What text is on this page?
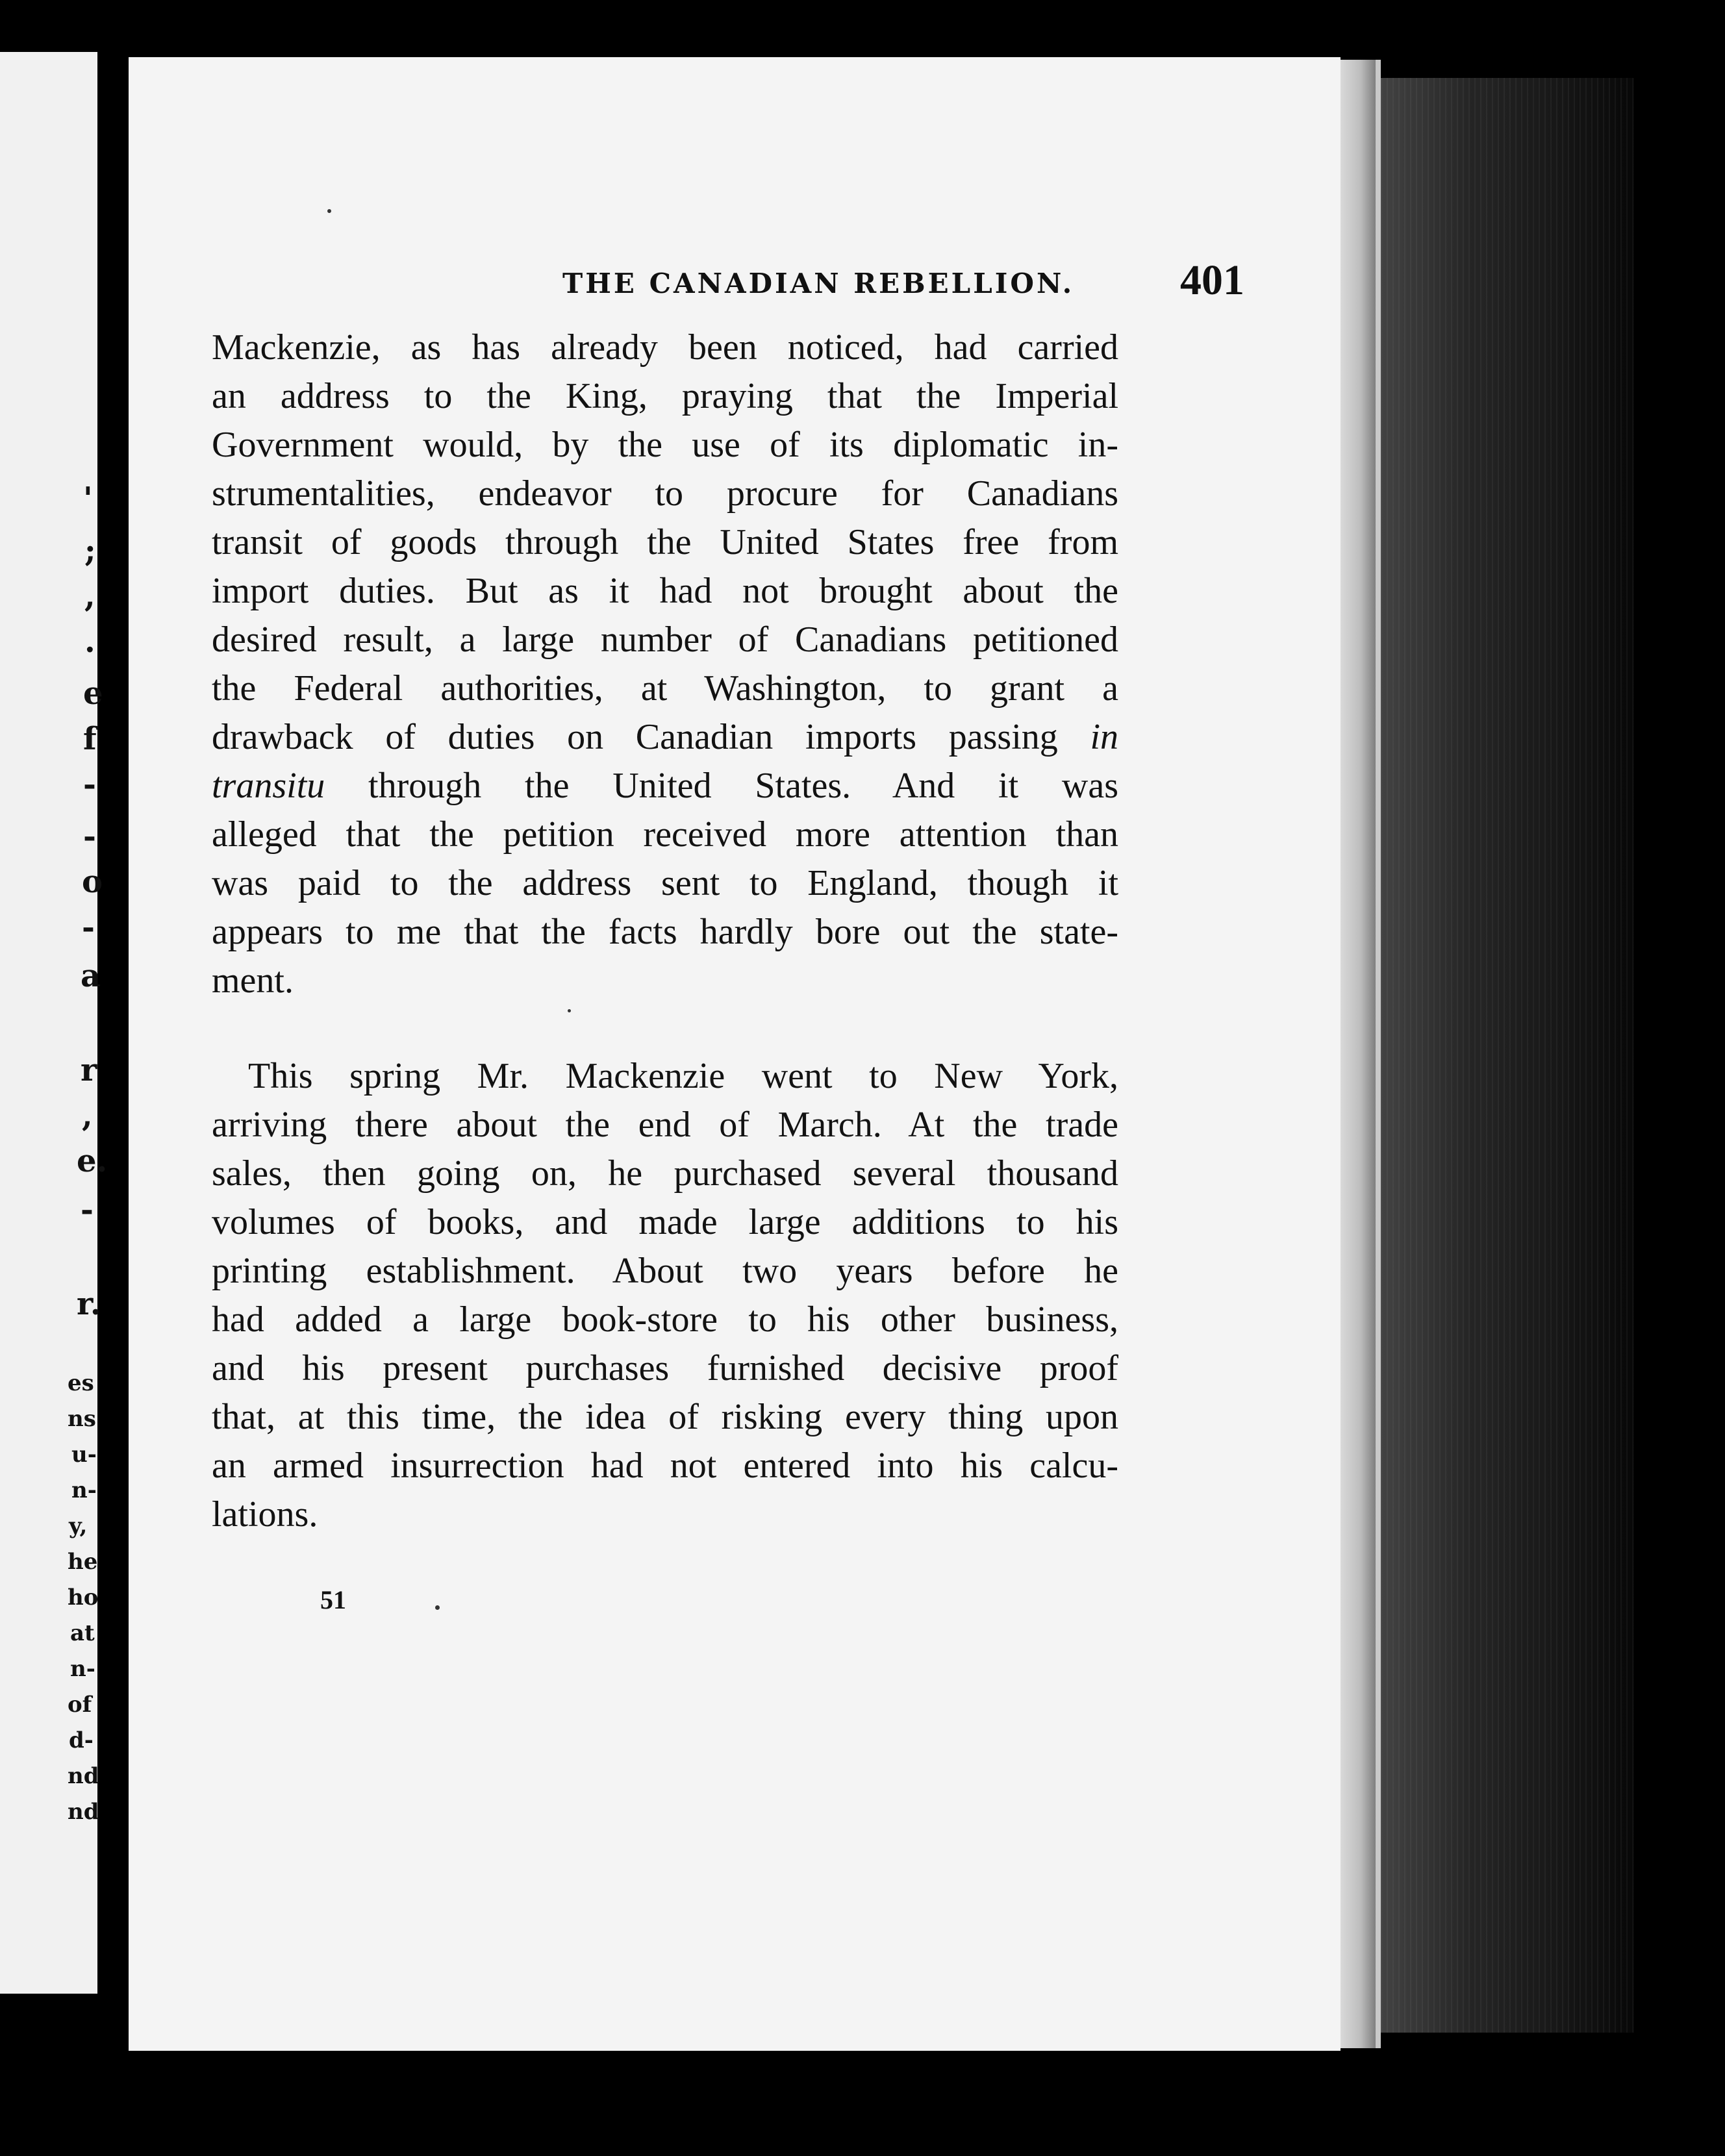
'
;
,
.
e
f
-
-
o
-
a
r
,
e.
-
r.
es
ns
u-
n-
y,
he
ho
at
n-
of
d-
nd
nd
THE CANADIAN REBELLION. 401
Mackenzie, as has already been noticed, had carried
an address to the King, praying that the Imperial
Government would, by the use of its diplomatic in-
strumentalities, endeavor to procure for Canadians
transit of goods through the United States free from
import duties. But as it had not brought about the
desired result, a large number of Canadians petitioned
the Federal authorities, at Washington, to grant a
drawback of duties on Canadian imports passing in
transitu through the United States. And it was
alleged that the petition received more attention than
was paid to the address sent to England, though it
appears to me that the facts hardly bore out the state-
ment.
This spring Mr. Mackenzie went to New York,
arriving there about the end of March. At the trade
sales, then going on, he purchased several thousand
volumes of books, and made large additions to his
printing establishment. About two years before he
had added a large book-store to his other business,
and his present purchases furnished decisive proof
that, at this time, the idea of risking every thing upon
an armed insurrection had not entered into his calcu-
lations.
51
